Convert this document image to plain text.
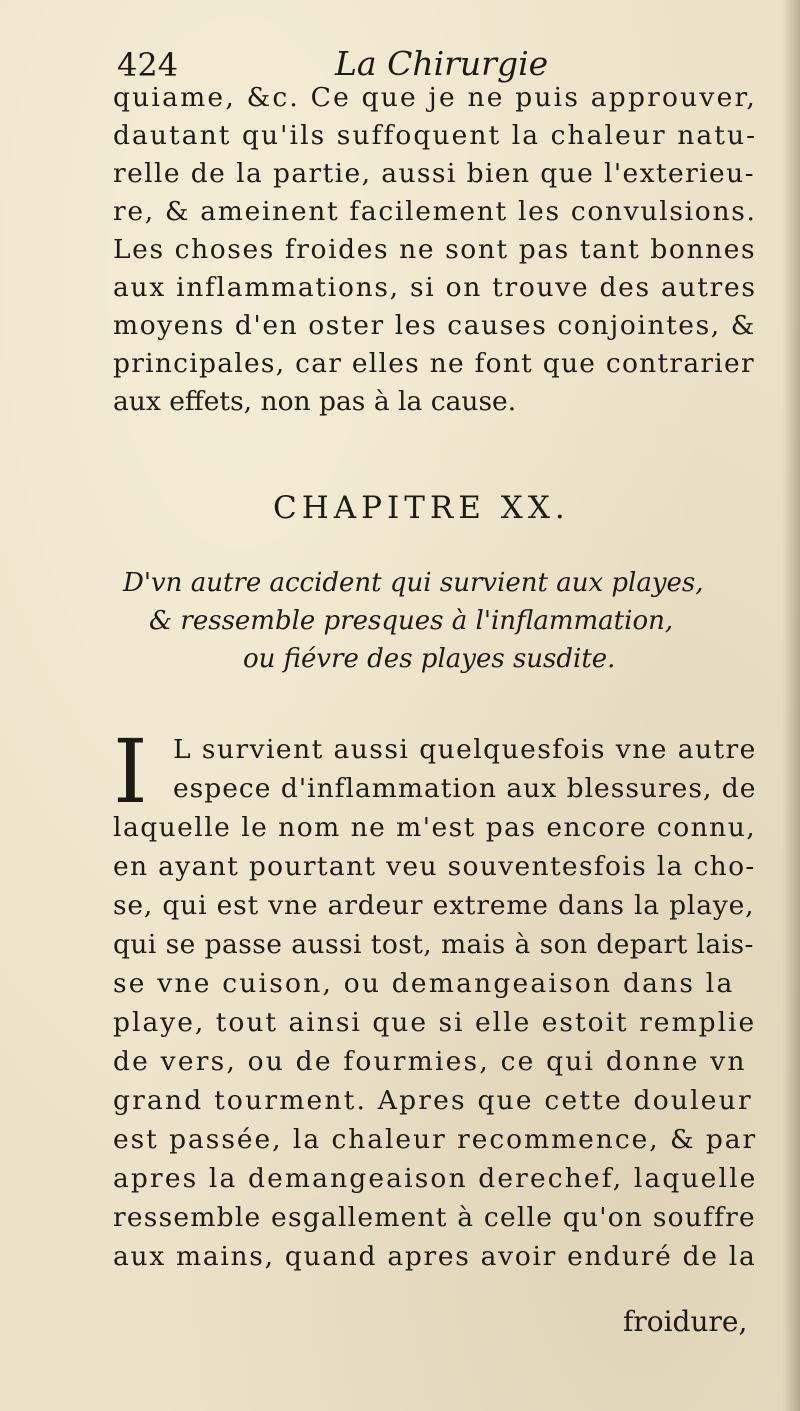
424	La Chirurgie
quiame, &c. Ce que je ne puis approuver,
dautant qu'ils suffoquent la chaleur natu-
relle de la partie, aussi bien que l'exterieu-
re, & ameinent facilement les convulsions.
Les choses froides ne sont pas tant bonnes
aux inflammations, si on trouve des autres
moyens d'en oster les causes conjointes, &
principales, car elles ne font que contrarier
aux effets, non pas à la cause.
CHAPITRE XX.
D'vn autre accident qui survient aux playes,
& ressemble presques à l'inflammation,
ou fiévre des playes susdite.
I L survient aussi quelquesfois vne autre
espece d'inflammation aux blessures, de
laquelle le nom ne m'est pas encore connu,
en ayant pourtant veu souventesfois la cho-
se, qui est vne ardeur extreme dans la playe,
qui se passe aussi tost, mais à son depart lais-
se vne cuison, ou demangeaison dans la
playe, tout ainsi que si elle estoit remplie
de vers, ou de fourmies, ce qui donne vn
grand tourment. Apres que cette douleur
est passée, la chaleur recommence, & par
apres la demangeaison derechef, laquelle
ressemble esgallement à celle qu'on souffre
aux mains, quand apres avoir enduré de la
froidure,
